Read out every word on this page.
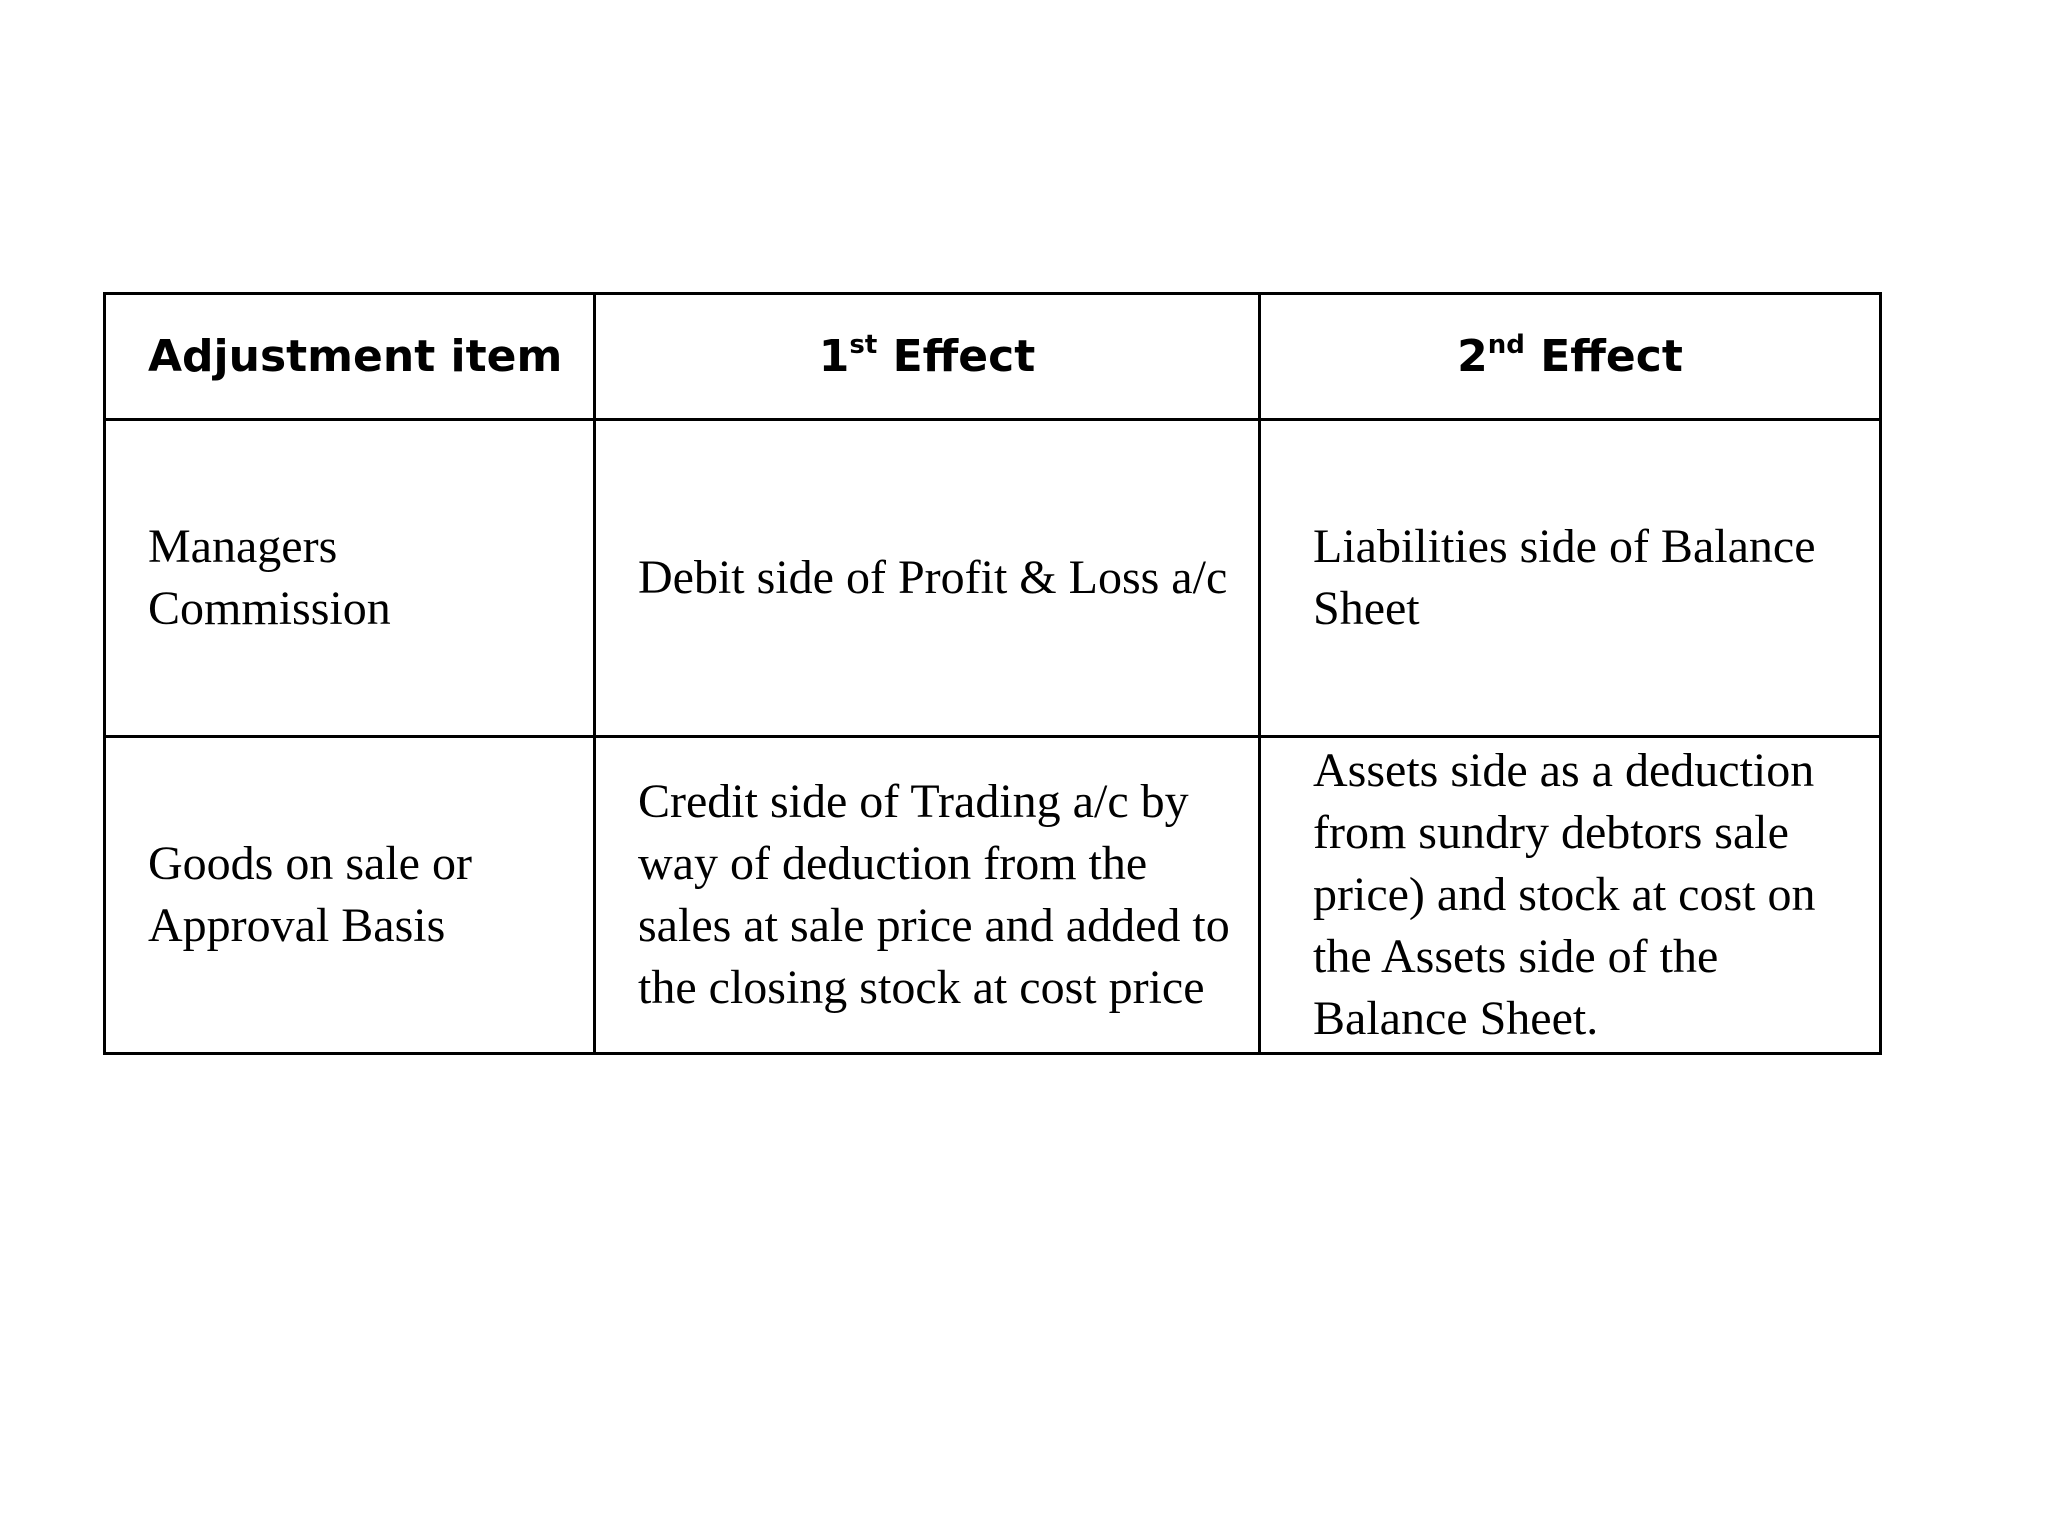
Adjustment item	1st Effect	2nd Effect
Managers Commission	Debit side of Profit & Loss a/c	Liabilities side of Balance Sheet
Goods on sale or Approval Basis	Credit side of Trading a/c by way of deduction from the sales at sale price and added to the closing stock at cost price	Assets side as a deduction from sundry debtors sale price) and stock at cost on the Assets side of the Balance Sheet.
